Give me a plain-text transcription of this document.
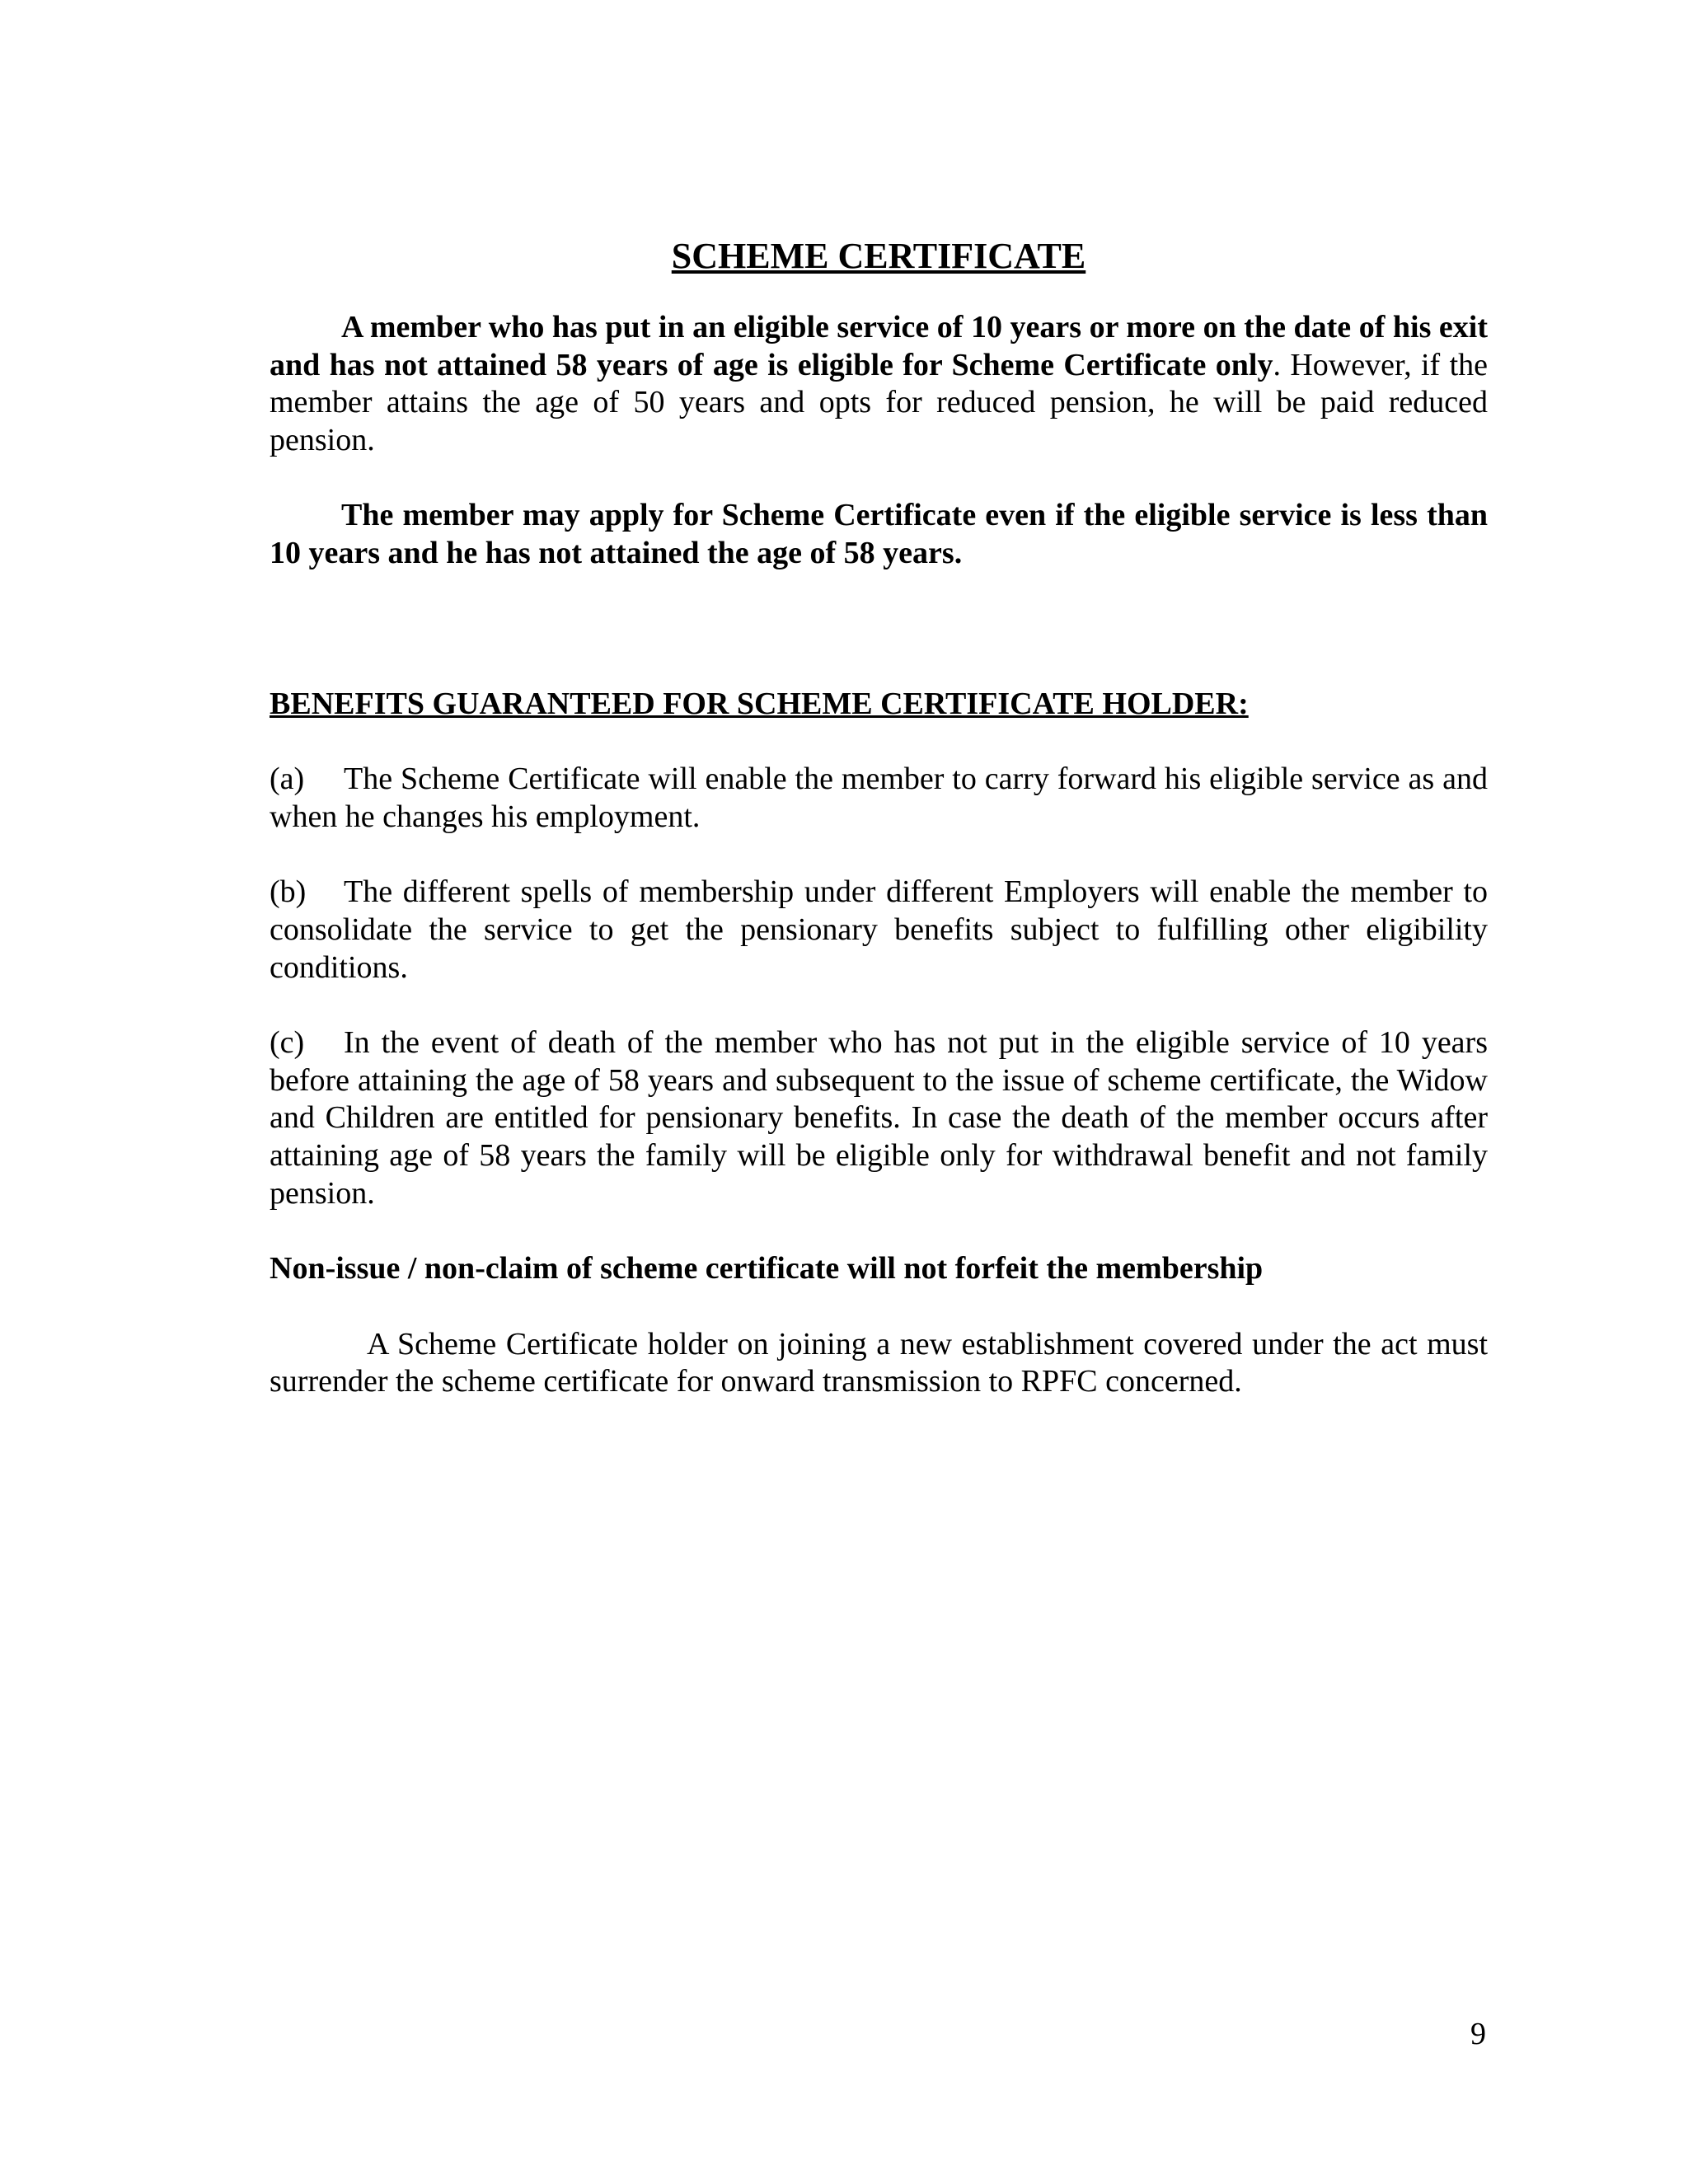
SCHEME CERTIFICATE

A member who has put in an eligible service of 10 years or more on the date of his exit and has not attained 58 years of age is eligible for Scheme Certificate only. However, if the member attains the age of 50 years and opts for reduced pension, he will be paid reduced pension.

The member may apply for Scheme Certificate even if the eligible service is less than 10 years and he has not attained the age of 58 years.

BENEFITS GUARANTEED FOR SCHEME CERTIFICATE HOLDER:

(a) The Scheme Certificate will enable the member to carry forward his eligible service as and when he changes his employment.

(b) The different spells of membership under different Employers will enable the member to consolidate the service to get the pensionary benefits subject to fulfilling other eligibility conditions.

(c) In the event of death of the member who has not put in the eligible service of 10 years before attaining the age of 58 years and subsequent to the issue of scheme certificate, the Widow and Children are entitled for pensionary benefits. In case the death of the member occurs after attaining age of 58 years the family will be eligible only for withdrawal benefit and not family pension.

Non-issue / non-claim of scheme certificate will not forfeit the membership

A Scheme Certificate holder on joining a new establishment covered under the act must surrender the scheme certificate for onward transmission to RPFC concerned.

9
